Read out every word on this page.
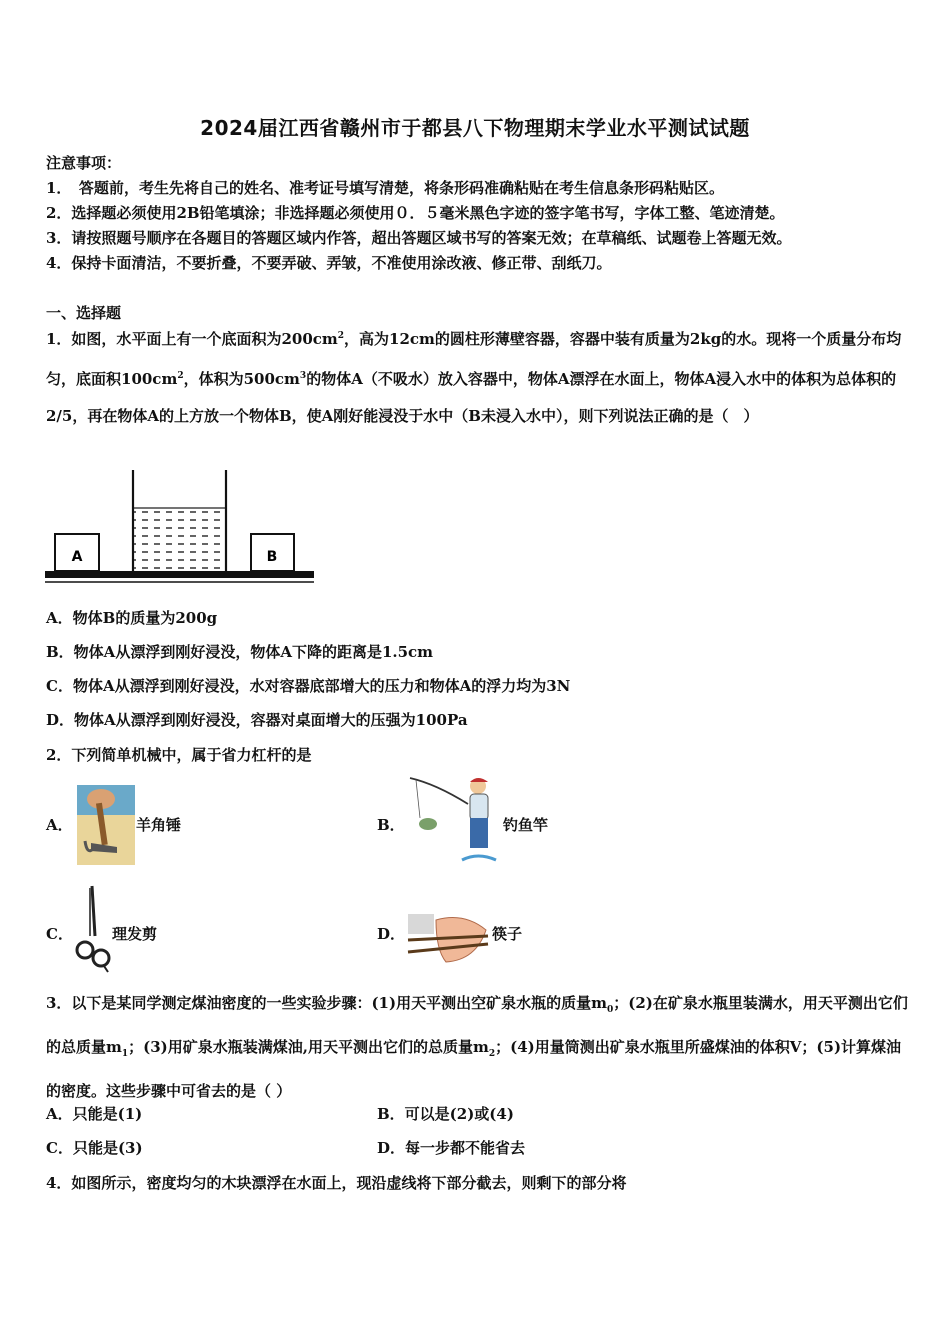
2024届江西省赣州市于都县八下物理期末学业水平测试试题
注意事项：
1．　答题前，考生先将自己的姓名、准考证号填写清楚，将条形码准确粘贴在考生信息条形码粘贴区。
2．选择题必须使用2B铅笔填涂；非选择题必须使用０．５毫米黑色字迹的签字笔书写，字体工整、笔迹清楚。
3．请按照题号顺序在各题目的答题区域内作答，超出答题区域书写的答案无效；在草稿纸、试题卷上答题无效。
4．保持卡面清洁，不要折叠，不要弄破、弄皱，不准使用涂改液、修正带、刮纸刀。
一、选择题
1．如图，水平面上有一个底面积为$200cm^2$，高为12cm的圆柱形薄壁容器，容器中装有质量为2kg的水。现将一个质量分布均匀，底面积$100cm^2$，体积为$500cm^3$的物体A（不吸水）放入容器中，物体A漂浮在水面上，物体A浸入水中的体积为总体积的2/5，再在物体A的上方放一个物体B，使A刚好能浸没于水中（B未浸入水中），则下列说法正确的是（　）
A	B
A．物体B的质量为200g
B．物体A从漂浮到刚好浸没，物体A下降的距离是1.5cm
C．物体A从漂浮到刚好浸没，水对容器底部增大的压力和物体A的浮力均为3N
D．物体A从漂浮到刚好浸没，容器对桌面增大的压强为100Pa
2．下列简单机械中，属于省力杠杆的是
A．	羊角锤	B．	钓鱼竿
C．	理发剪	D．	筷子
3．以下是某同学测定煤油密度的一些实验步骤：(1)用天平测出空矿泉水瓶的质量$m_0$；(2)在矿泉水瓶里装满水，用天平测出它们的总质量$m_1$；(3)用矿泉水瓶装满煤油,用天平测出它们的总质量$m_2$；(4)用量筒测出矿泉水瓶里所盛煤油的体积V；(5)计算煤油的密度。这些步骤中可省去的是（ ）
A．只能是(1)	B．可以是(2)或(4)
C．只能是(3)	D．每一步都不能省去
4．如图所示，密度均匀的木块漂浮在水面上，现沿虚线将下部分截去，则剩下的部分将
